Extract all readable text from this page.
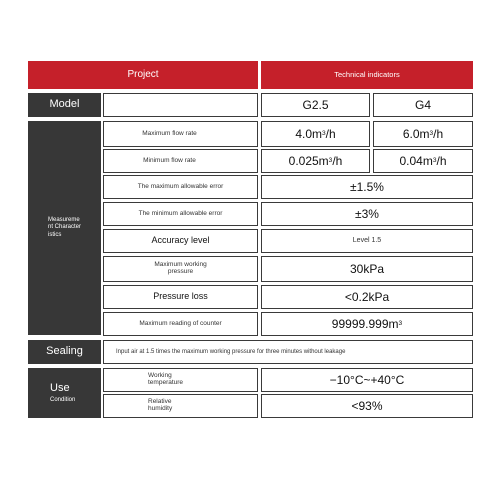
Project	Technical indicators
Model	G2.5	G4
Measurement Characteristics
Maximum flow rate	4.0m 3 /h	6.0m 3 /h
Minimum flow rate	0.025m 3 /h	0.04m 3 /h
The maximum allowable error	±1.5%
The minimum allowable error	±3%
Accuracy level	Level 1.5
Maximum working pressure	30kPa
Pressure loss	<0.2kPa
Maximum reading of counter	99999.999m 3
Sealing	Input air at 1.5 times the maximum working pressure for three minutes without leakage
Use
Condition
Working temperature	−10°C~+40°C
Relative humidity	<93%
